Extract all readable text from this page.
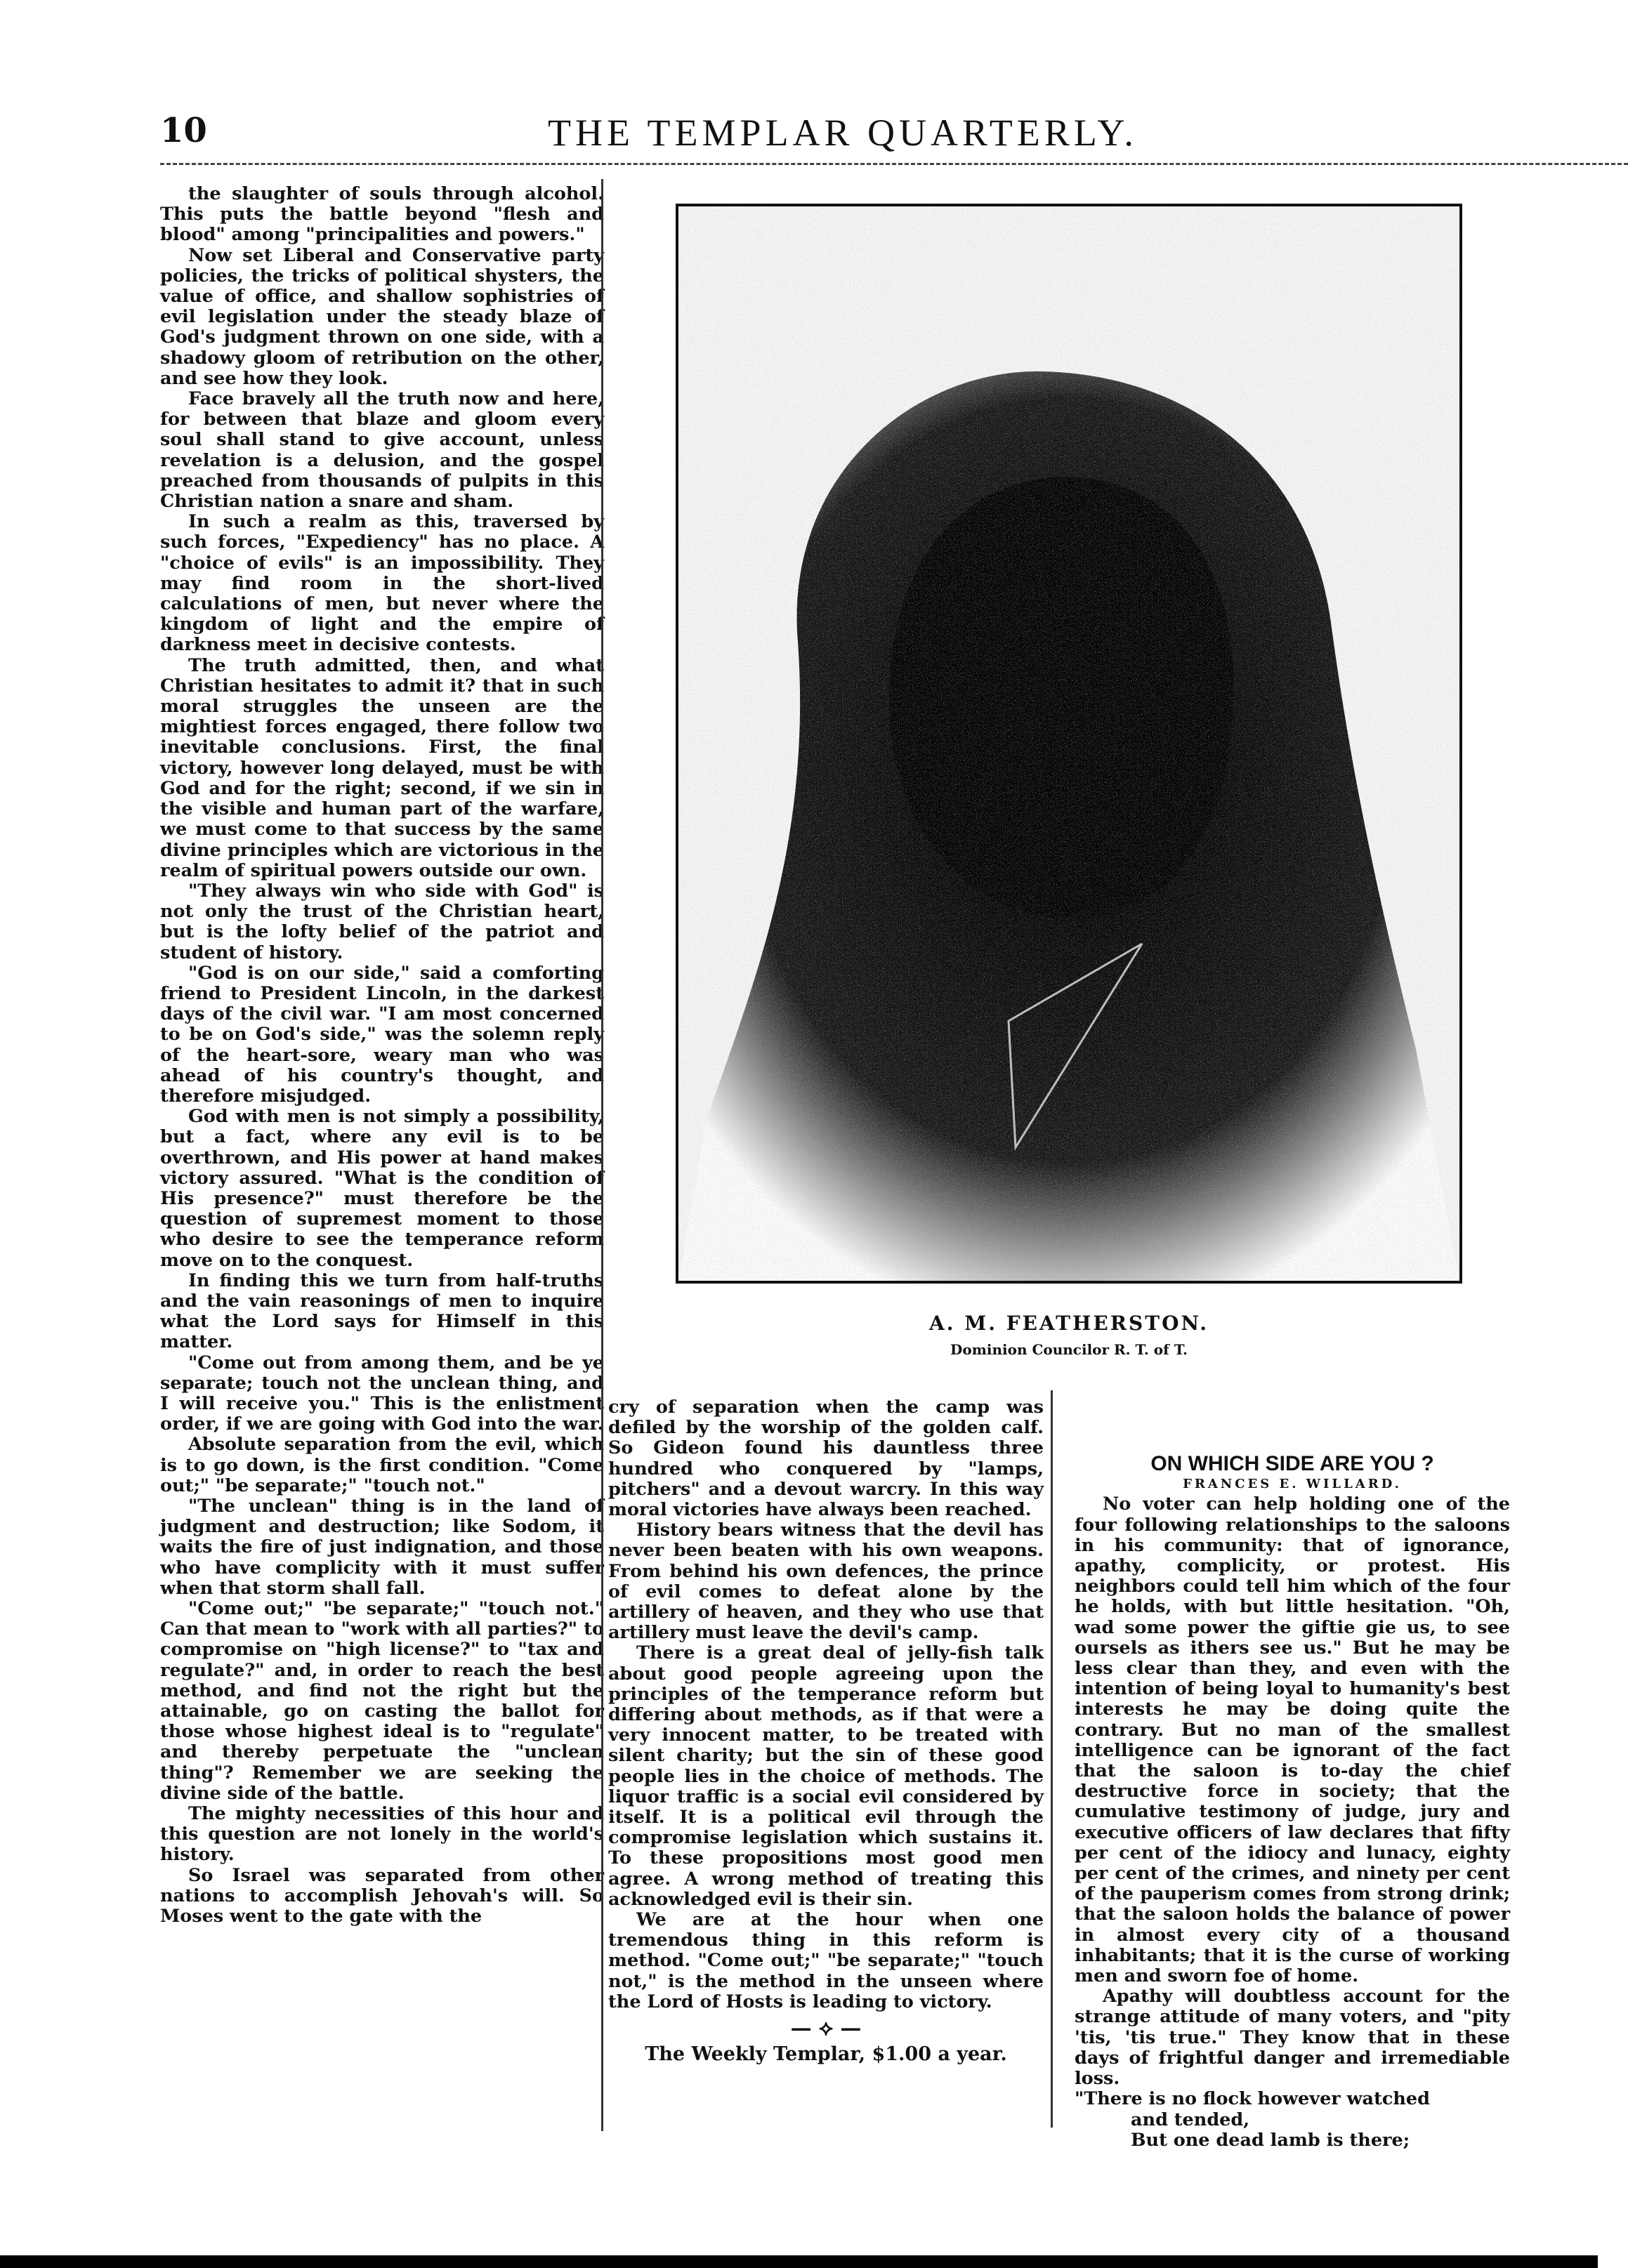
10	THE TEMPLAR QUARTERLY.

the slaughter of souls through alcohol. This puts the battle beyond "flesh and blood" among "principalities and powers."

Now set Liberal and Conservative party policies, the tricks of political shysters, the value of office, and shallow sophistries of evil legislation under the steady blaze of God's judgment thrown on one side, with a shadowy gloom of retribution on the other, and see how they look.

Face bravely all the truth now and here, for between that blaze and gloom every soul shall stand to give account, unless revelation is a delusion, and the gospel preached from thousands of pulpits in this Christian nation a snare and sham.

In such a realm as this, traversed by such forces, "Expediency" has no place. A "choice of evils" is an impossibility. They may find room in the short-lived calculations of men, but never where the kingdom of light and the empire of darkness meet in decisive contests.

The truth admitted, then, and what Christian hesitates to admit it? that in such moral struggles the unseen are the mightiest forces engaged, there follow two inevitable conclusions. First, the final victory, however long delayed, must be with God and for the right; second, if we sin in the visible and human part of the warfare, we must come to that success by the same divine principles which are victorious in the realm of spiritual powers outside our own.

"They always win who side with God" is not only the trust of the Christian heart, but is the lofty belief of the patriot and student of history.

"God is on our side," said a comforting friend to President Lincoln, in the darkest days of the civil war. "I am most concerned to be on God's side," was the solemn reply of the heart-sore, weary man who was ahead of his country's thought, and therefore misjudged.

God with men is not simply a possibility, but a fact, where any evil is to be overthrown, and His power at hand makes victory assured. "What is the condition of His presence?" must therefore be the question of supremest moment to those who desire to see the temperance reform move on to the conquest.

In finding this we turn from half-truths and the vain reasonings of men to inquire what the Lord says for Himself in this matter.

"Come out from among them, and be ye separate; touch not the unclean thing, and I will receive you." This is the enlistment order, if we are going with God into the war.

Absolute separation from the evil, which is to go down, is the first condition. "Come out;" "be separate;" "touch not."

"The unclean" thing is in the land of judgment and destruction; like Sodom, it waits the fire of just indignation, and those who have complicity with it must suffer when that storm shall fall.

"Come out;" "be separate;" "touch not." Can that mean to "work with all parties?" to compromise on "high license?" to "tax and regulate?" and, in order to reach the best method, and find not the right but the attainable, go on casting the ballot for those whose highest ideal is to "regulate" and thereby perpetuate the "unclean thing"? Remember we are seeking the divine side of the battle.

The mighty necessities of this hour and this question are not lonely in the world's history.

So Israel was separated from other nations to accomplish Jehovah's will. So Moses went to the gate with the

A. M. FEATHERSTON.
Dominion Councilor R. T. of T.

cry of separation when the camp was defiled by the worship of the golden calf. So Gideon found his dauntless three hundred who conquered by "lamps, pitchers" and a devout warcry. In this way moral victories have always been reached.

History bears witness that the devil has never been beaten with his own weapons. From behind his own defences, the prince of evil comes to defeat alone by the artillery of heaven, and they who use that artillery must leave the devil's camp.

There is a great deal of jelly-fish talk about good people agreeing upon the principles of the temperance reform but differing about methods, as if that were a very innocent matter, to be treated with silent charity; but the sin of these good people lies in the choice of methods. The liquor traffic is a social evil considered by itself. It is a political evil through the compromise legislation which sustains it. To these propositions most good men agree. A wrong method of treating this acknowledged evil is their sin.

We are at the hour when one tremendous thing in this reform is method. "Come out;" "be separate;" "touch not," is the method in the unseen where the Lord of Hosts is leading to victory.

— ⟡ —

The Weekly Templar, $1.00 a year.

ON WHICH SIDE ARE YOU ?

FRANCES E. WILLARD.

No voter can help holding one of the four following relationships to the saloons in his community: that of ignorance, apathy, complicity, or protest. His neighbors could tell him which of the four he holds, with but little hesitation. "Oh, wad some power the giftie gie us, to see oursels as ithers see us." But he may be less clear than they, and even with the intention of being loyal to humanity's best interests he may be doing quite the contrary. But no man of the smallest intelligence can be ignorant of the fact that the saloon is to-day the chief destructive force in society; that the cumulative testimony of judge, jury and executive officers of law declares that fifty per cent of the idiocy and lunacy, eighty per cent of the crimes, and ninety per cent of the pauperism comes from strong drink; that the saloon holds the balance of power in almost every city of a thousand inhabitants; that it is the curse of working men and sworn foe of home.

Apathy will doubtless account for the strange attitude of many voters, and "pity 'tis, 'tis true." They know that in these days of frightful danger and irremediable loss.

"There is no flock however watched

and tended,

But one dead lamb is there;
